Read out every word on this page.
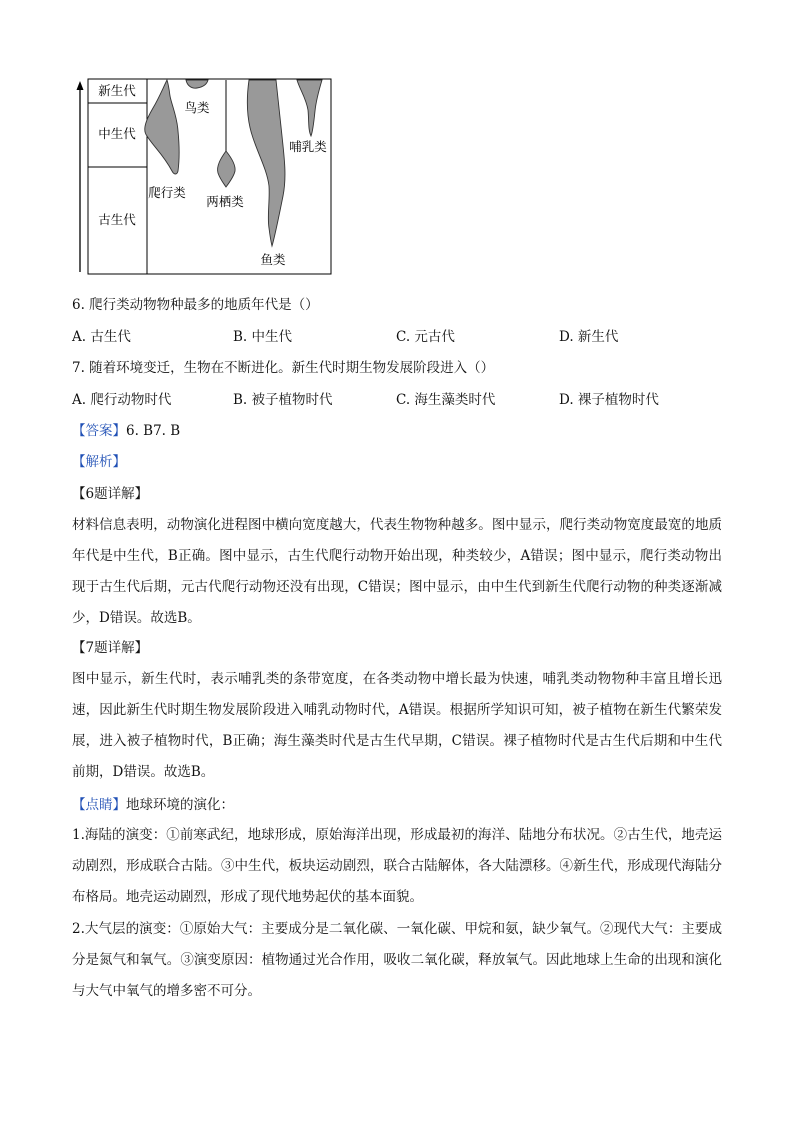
新生代
中生代
古生代
鸟类
爬行类
两栖类
鱼类
哺乳类
6. 爬行类动物物种最多的地质年代是（）
A. 古生代	B. 中生代	C. 元古代	D. 新生代
7. 随着环境变迁，生物在不断进化。新生代时期生物发展阶段进入（）
A. 爬行动物时代	B. 被子植物时代	C. 海生藻类时代	D. 裸子植物时代
【答案】6. B7. B
【解析】
【6题详解】
材料信息表明，动物演化进程图中横向宽度越大，代表生物物种越多。图中显示，爬行类动物宽度最宽的地质年代是中生代，B正确。图中显示，古生代爬行动物开始出现，种类较少，A错误；图中显示，爬行类动物出现于古生代后期，元古代爬行动物还没有出现，C错误；图中显示，由中生代到新生代爬行动物的种类逐渐减少，D错误。故选B。
【7题详解】
图中显示，新生代时，表示哺乳类的条带宽度，在各类动物中增长最为快速，哺乳类动物物种丰富且增长迅速，因此新生代时期生物发展阶段进入哺乳动物时代，A错误。根据所学知识可知，被子植物在新生代繁荣发展，进入被子植物时代，B正确；海生藻类时代是古生代早期，C错误。裸子植物时代是古生代后期和中生代前期，D错误。故选B。
【点睛】地球环境的演化：
1.海陆的演变：①前寒武纪，地球形成，原始海洋出现，形成最初的海洋、陆地分布状况。②古生代，地壳运动剧烈，形成联合古陆。③中生代，板块运动剧烈，联合古陆解体，各大陆漂移。④新生代，形成现代海陆分布格局。地壳运动剧烈，形成了现代地势起伏的基本面貌。
2.大气层的演变：①原始大气：主要成分是二氧化碳、一氧化碳、甲烷和氨，缺少氧气。②现代大气：主要成分是氮气和氧气。③演变原因：植物通过光合作用，吸收二氧化碳，释放氧气。因此地球上生命的出现和演化与大气中氧气的增多密不可分。
